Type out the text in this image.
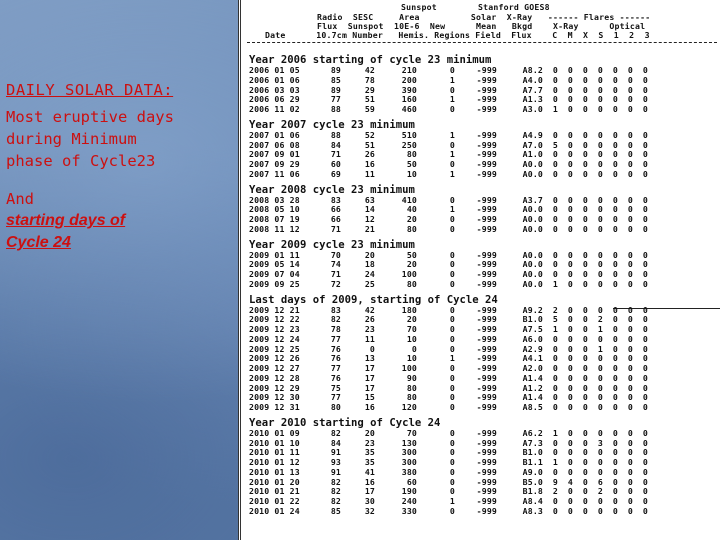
DAILY SOLAR DATA:
Most eruptive days
during Minimum
phase of Cycle23
And
starting days of
Cycle 24
Sunspot        Stanford GOES8
Radio  SESC     Area          Solar  X-Ray   ------ Flares ------
Flux  Sunspot  10E-6  New      Mean   Bkgd    X-Ray      Optical
Date      10.7cm Number   Hemis. Regions Field  Flux    C  M  X  S  1  2  3
Year 2006 starting of cycle 23 minimum
2006 01 05	89	42	210	0	-999	A8.2 0 0 0 0 0 0 0
2006 01 06	85	78	200	1	-999	A4.0 0 0 0 0 0 0 0
2006 03 03	89	29	390	0	-999	A7.7 0 0 0 0 0 0 0
2006 06 29	77	51	160	1	-999	A1.3 0 0 0 0 0 0 0
2006 11 02	88	59	460	0	-999	A3.0 1 0 0 0 0 0 0
Year 2007 cycle 23 minimum
2007 01 06	88	52	510	1	-999	A4.9 0 0 0 0 0 0 0
2007 06 08	84	51	250	0	-999	A7.0 5 0 0 0 0 0 0
2007 09 01	71	26	80	1	-999	A1.0 0 0 0 0 0 0 0
2007 09 29	60	16	50	0	-999	A0.0 0 0 0 0 0 0 0
2007 11 06	69	11	10	1	-999	A0.0 0 0 0 0 0 0 0
Year 2008 cycle 23 minimum
2008 03 28	83	63	410	0	-999	A3.7 0 0 0 0 0 0 0
2008 05 10	66	14	40	1	-999	A0.0 0 0 0 0 0 0 0
2008 07 19	66	12	20	0	-999	A0.0 0 0 0 0 0 0 0
2008 11 12	71	21	80	0	-999	A0.0 0 0 0 0 0 0 0
Year 2009 cycle 23 minimum
2009 01 11	70	20	50	0	-999	A0.0 0 0 0 0 0 0 0
2009 05 14	74	18	20	0	-999	A0.0 0 0 0 0 0 0 0
2009 07 04	71	24	100	0	-999	A0.0 0 0 0 0 0 0 0
2009 09 25	72	25	80	0	-999	A0.0 1 0 0 0 0 0 0
Last days of 2009, starting of Cycle 24
2009 12 21	83	42	180	0	-999	A9.2 2 0 0 0 0 0 0
2009 12 22	82	26	20	0	-999	B1.0 5 0 0 2 0 0 0
2009 12 23	78	23	70	0	-999	A7.5 1 0 0 1 0 0 0
2009 12 24	77	11	10	0	-999	A6.0 0 0 0 0 0 0 0
2009 12 25	76	0	0	0	-999	A2.9 0 0 0 1 0 0 0
2009 12 26	76	13	10	1	-999	A4.1 0 0 0 0 0 0 0
2009 12 27	77	17	100	0	-999	A2.0 0 0 0 0 0 0 0
2009 12 28	76	17	90	0	-999	A1.4 0 0 0 0 0 0 0
2009 12 29	75	17	80	0	-999	A1.2 0 0 0 0 0 0 0
2009 12 30	77	15	80	0	-999	A1.4 0 0 0 0 0 0 0
2009 12 31	80	16	120	0	-999	A8.5 0 0 0 0 0 0 0
Year 2010 starting of Cycle 24
2010 01 09	82	20	70	0	-999	A6.2 1 0 0 0 0 0 0
2010 01 10	84	23	130	0	-999	A7.3 0 0 0 3 0 0 0
2010 01 11	91	35	300	0	-999	B1.0 0 0 0 0 0 0 0
2010 01 12	93	35	300	0	-999	B1.1 1 0 0 0 0 0 0
2010 01 13	91	41	380	0	-999	A9.0 0 0 0 0 0 0 0
2010 01 20	82	16	60	0	-999	B5.0 9 4 0 6 0 0 0
2010 01 21	82	17	190	0	-999	B1.8 2 0 0 2 0 0 0
2010 01 22	82	30	240	1	-999	A8.4 0 0 0 0 0 0 0
2010 01 24	85	32	330	0	-999	A8.3 0 0 0 0 0 0 0
